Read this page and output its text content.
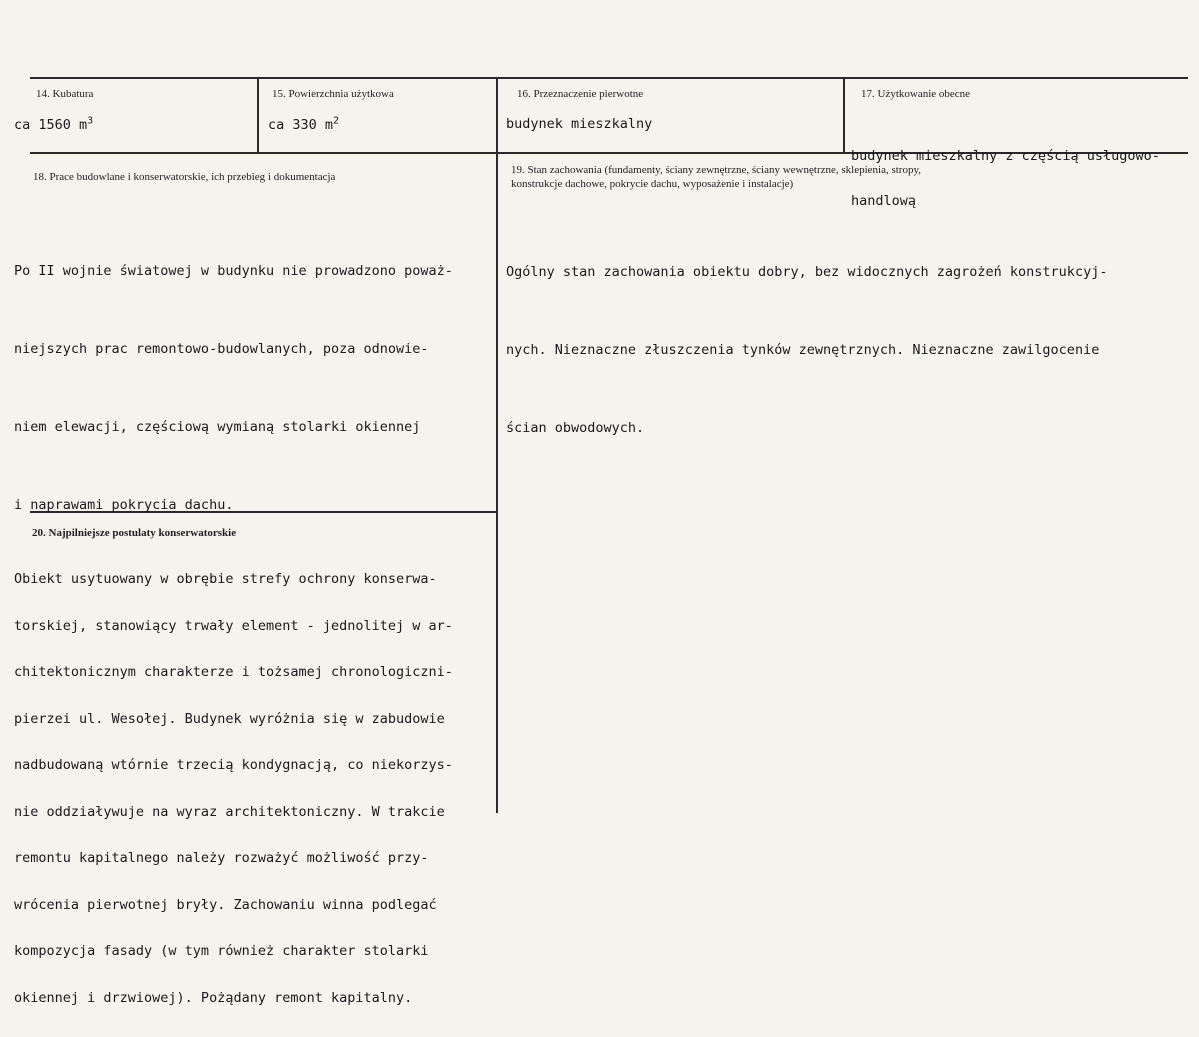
14. Kubatura
ca 1560 $m^3$
15. Powierzchnia użytkowa
ca 330 $m^2$
16. Przeznaczenie pierwotne
budynek mieszkalny
17. Użytkowanie obecne

budynek mieszkalny z częścią usługowo-

handlową

18. Prace budowlane i konserwatorskie, ich przebieg i dokumentacja

Po II wojnie światowej w budynku nie prowadzono poważ-

niejszych prac remontowo-budowlanych, poza odnowie-

niem elewacji, częściową wymianą stolarki okiennej

i naprawami pokrycia dachu.

19. Stan zachowania (fundamenty, ściany zewnętrzne, ściany wewnętrzne, sklepienia, stropy,
konstrukcje dachowe, pokrycie dachu, wyposażenie i instalacje)

Ogólny stan zachowania obiektu dobry, bez widocznych zagrożeń konstrukcyj-

nych. Nieznaczne złuszczenia tynków zewnętrznych. Nieznaczne zawilgocenie

ścian obwodowych.

20. Najpilniejsze postulaty konserwatorskie

Obiekt usytuowany w obrębie strefy ochrony konserwa-

torskiej, stanowiący trwały element - jednolitej w ar-

chitektonicznym charakterze i tożsamej chronologiczni-

pierzei ul. Wesołej. Budynek wyróżnia się w zabudowie

nadbudowaną wtórnie trzecią kondygnacją, co niekorzys-

nie oddziaływuje na wyraz architektoniczny. W trakcie

remontu kapitalnego należy rozważyć możliwość przy-

wrócenia pierwotnej bryły. Zachowaniu winna podlegać

kompozycja fasady (w tym również charakter stolarki

okiennej i drzwiowej). Pożądany remont kapitalny.
